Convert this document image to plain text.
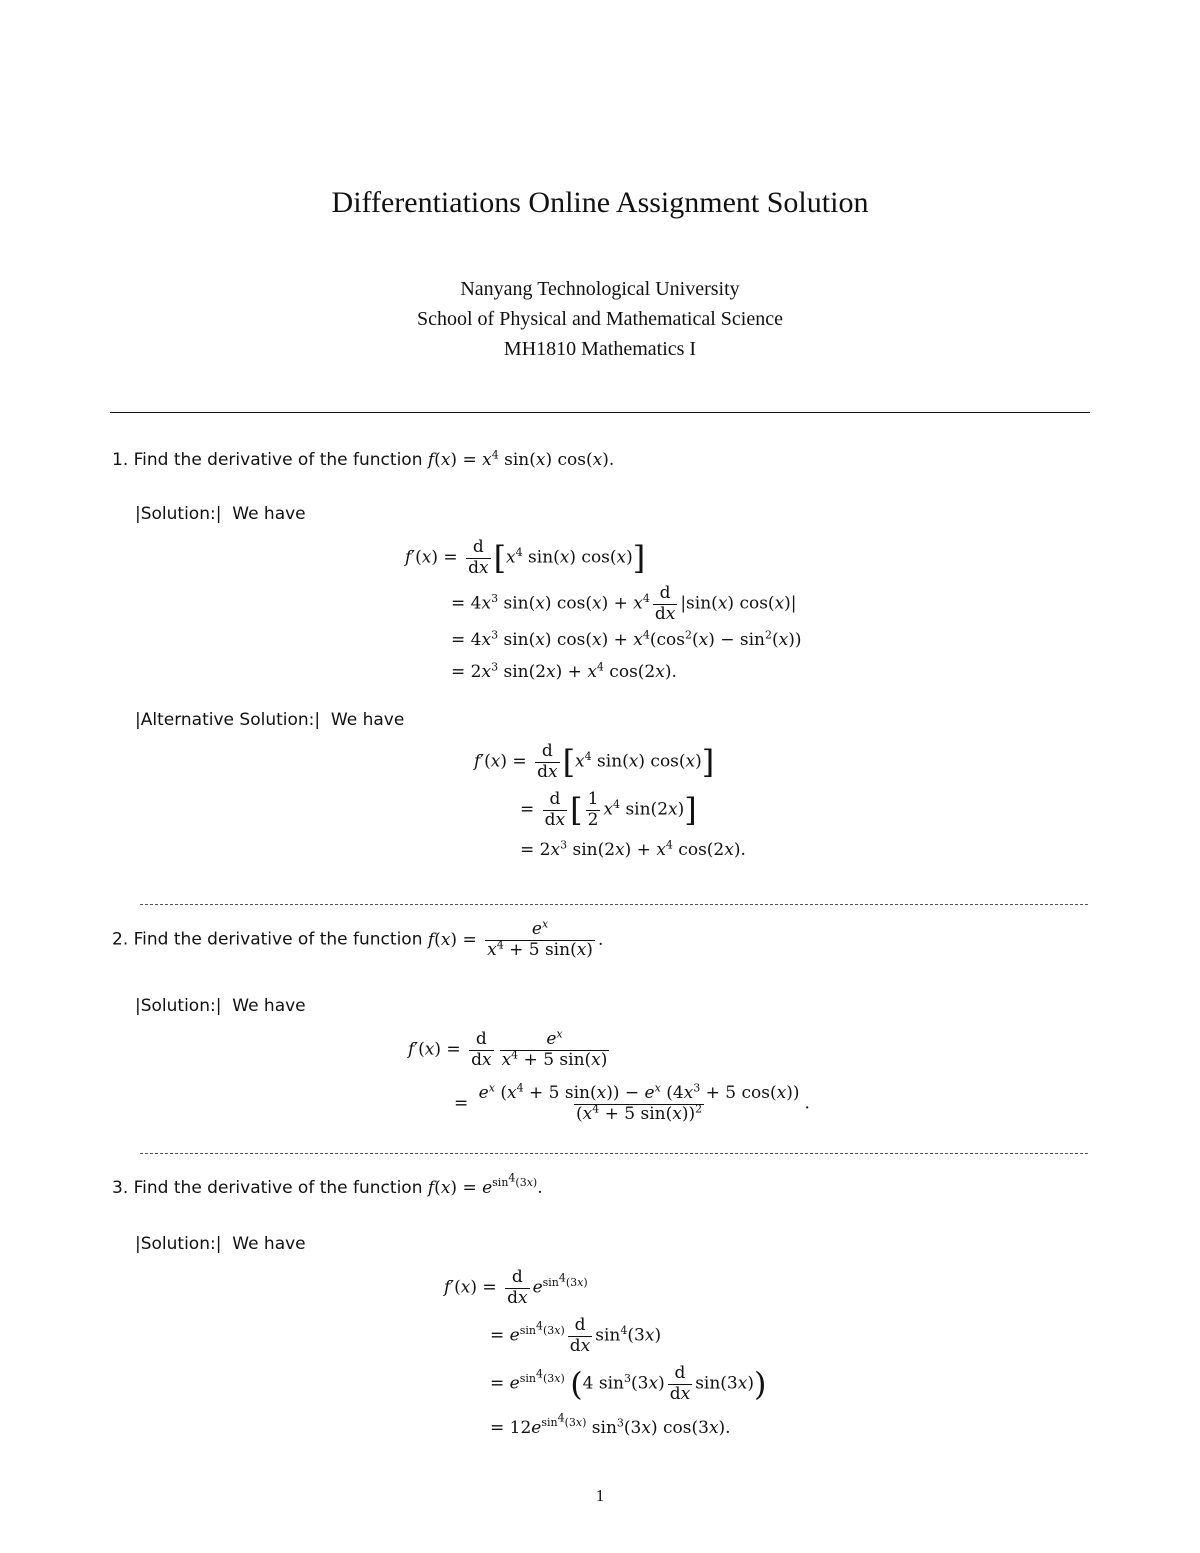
Differentiations Online Assignment Solution
Nanyang Technological University
School of Physical and Mathematical Science
MH1810 Mathematics I
1. Find the derivative of the function $f(x) = x^4$ sin(x) cos(x).
|Solution:| We have
$f'(x) = \frac{d}{dx} [x^4$ sin(x) cos(x)]
= $4x^3$ sin(x) $\cos(x) + x^4 \frac{d}{dx} |\sin(x)$ cos(x)|
= $4x^3$ sin(x) $\cos(x) + x^4(\cos^2(x) - \sin^2(x))$
= $2x^3$ $\sin(2x) + x^4$ cos(2x).
|Alternative Solution:| We have
$f'(x) = \frac{d}{dx} [x^4$ sin(x) cos(x)]
= $\frac{d}{dx}$ [ $\frac{1}{2} x^4$ sin(2x)]
= $2x^3$ $\sin(2x) + x^4$ cos(2x).
2. Find the derivative of the function $f(x) = \frac{e^x}{x^4 + 5 \sin(x)}$ .
|Solution:| We have
$f'(x) = \frac{d}{dx} \frac{e^x}{x^4 + 5 \sin(x)}$
= $\frac{e^x (x^4 + 5 \sin(x)) - e^x (4x^3 + 5 \cos(x))}{(x^4 + 5 \sin(x))^2}$ .
3. Find the derivative of the function $f(x) = e^{sin^4(3x)}$.
|Solution:| We have
$f'(x) = \frac{d}{dx} e^{sin^4(3x)}$
= $e^{sin^4(3x)} \frac{d}{dx} \sin^4(3x)$
= $e^{sin^4(3x)}$ (4 $\sin^3(3x) \frac{d}{dx} \sin(3x)$)
= $12e^{sin^4(3x)}$ $\sin^3(3x)$ cos(3x).
1
